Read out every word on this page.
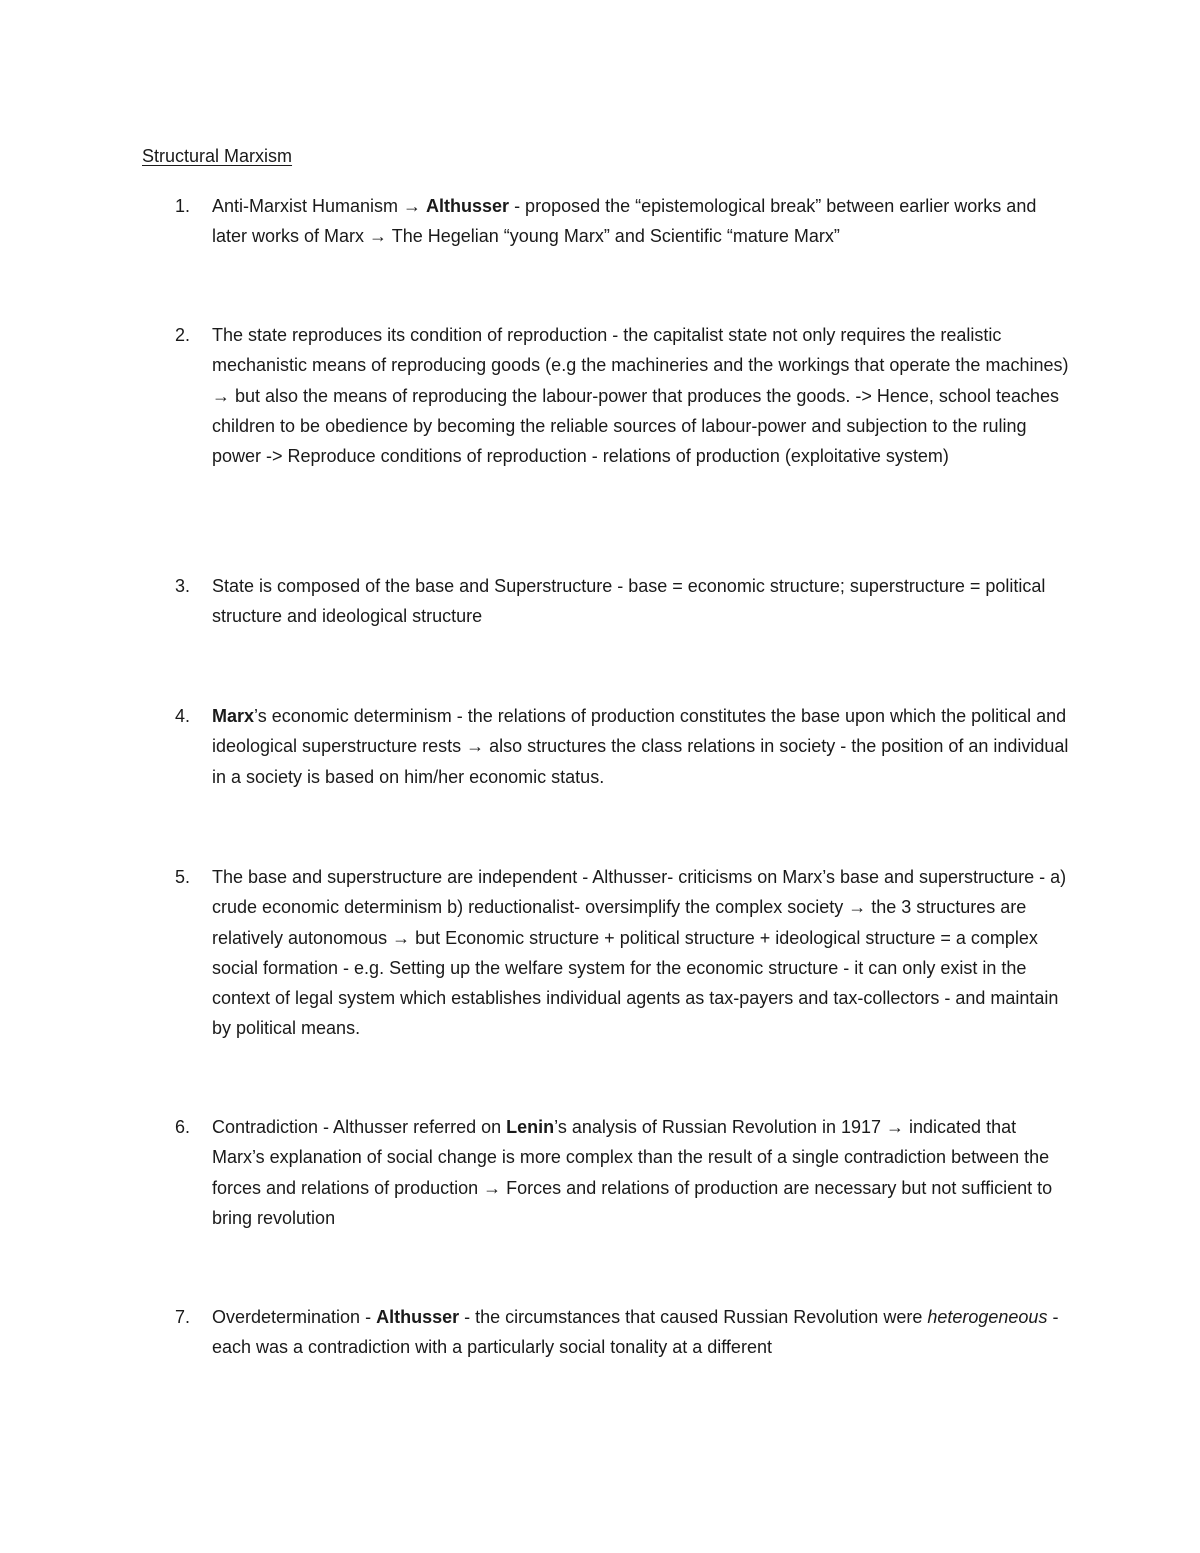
Structural Marxism
1. Anti-Marxist Humanism → Althusser - proposed the “epistemological break” between earlier works and later works of Marx → The Hegelian “young Marx” and Scientific “mature Marx”

2. The state reproduces its condition of reproduction - the capitalist state not only requires the realistic mechanistic means of reproducing goods (e.g the machineries and the workings that operate the machines) → but also the means of reproducing the labour-power that produces the goods. -> Hence, school teaches children to be obedience by becoming the reliable sources of labour-power and subjection to the ruling power -> Reproduce conditions of reproduction - relations of production (exploitative system)

3. State is composed of the base and Superstructure - base = economic structure; superstructure = political structure and ideological structure

4. Marx’s economic determinism - the relations of production constitutes the base upon which the political and ideological superstructure rests → also structures the class relations in society - the position of an individual in a society is based on him/her economic status.

5. The base and superstructure are independent - Althusser- criticisms on Marx’s base and superstructure - a) crude economic determinism b) reductionalist- oversimplify the complex society → the 3 structures are relatively autonomous → but Economic structure + political structure + ideological structure = a complex social formation - e.g. Setting up the welfare system for the economic structure - it can only exist in the context of legal system which establishes individual agents as tax-payers and tax-collectors - and maintain by political means.

6. Contradiction - Althusser referred on Lenin’s analysis of Russian Revolution in 1917 → indicated that Marx’s explanation of social change is more complex than the result of a single contradiction between the forces and relations of production → Forces and relations of production are necessary but not sufficient to bring revolution

7. Overdetermination - Althusser - the circumstances that caused Russian Revolution were heterogeneous - each was a contradiction with a particularly social tonality at a different
